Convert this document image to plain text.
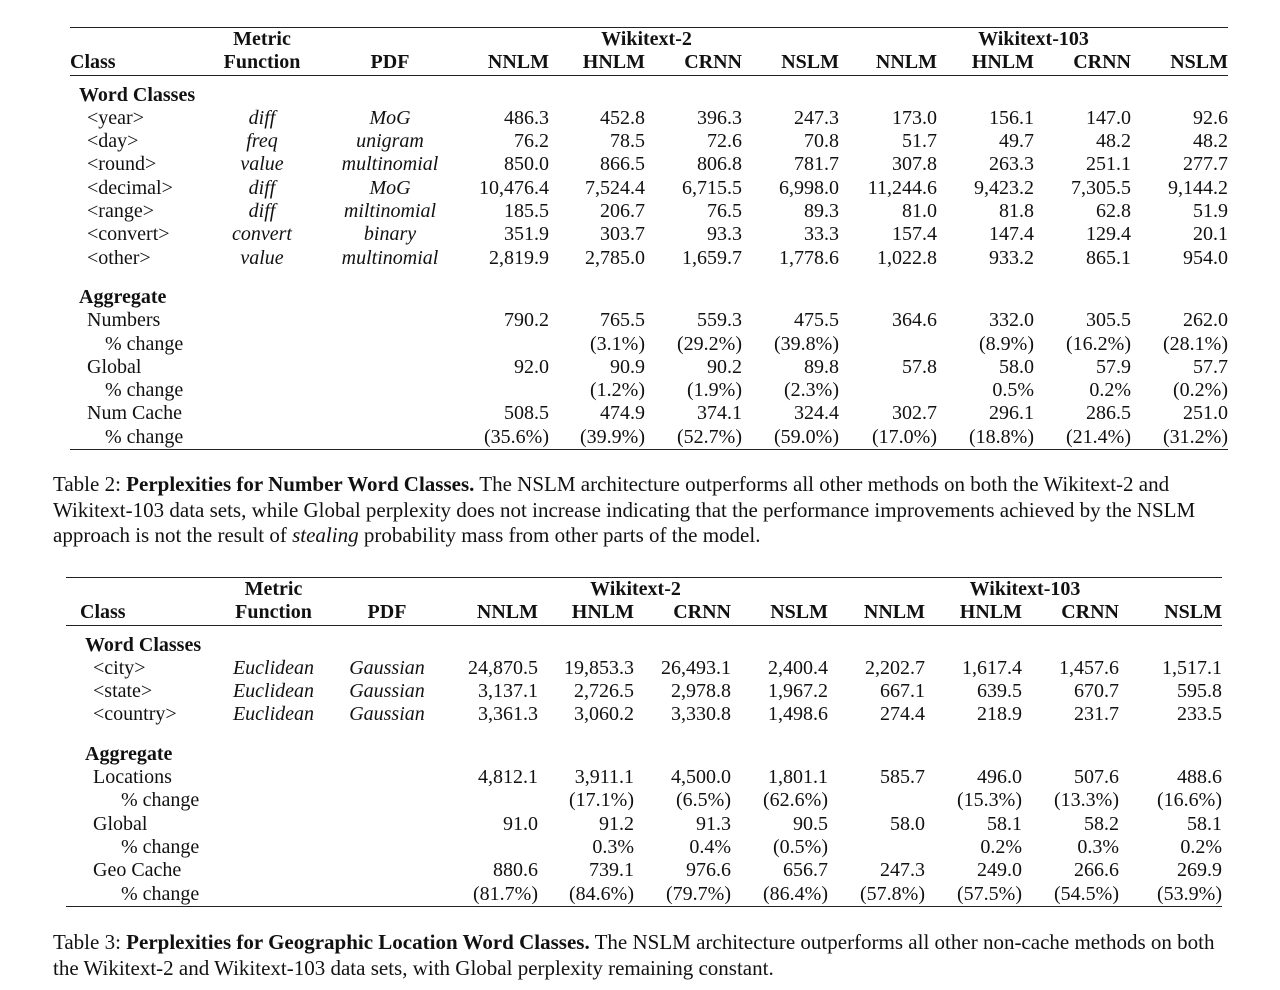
	Metric		Wikitext-2				Wikitext-103			
Class	Function	PDF	NNLM	HNLM	CRNN	NSLM	NNLM	HNLM	CRNN	NSLM

Word Classes										
<year>	diff	MoG	486.3	452.8	396.3	247.3	173.0	156.1	147.0	92.6
<day>	freq	unigram	76.2	78.5	72.6	70.8	51.7	49.7	48.2	48.2
<round>	value	multinomial	850.0	866.5	806.8	781.7	307.8	263.3	251.1	277.7
<decimal>	diff	MoG	10,476.4	7,524.4	6,715.5	6,998.0	11,244.6	9,423.2	7,305.5	9,144.2
<range>	diff	miltinomial	185.5	206.7	76.5	89.3	81.0	81.8	62.8	51.9
<convert>	convert	binary	351.9	303.7	93.3	33.3	157.4	147.4	129.4	20.1
<other>	value	multinomial	2,819.9	2,785.0	1,659.7	1,778.6	1,022.8	933.2	865.1	954.0

Aggregate										
Numbers			790.2	765.5	559.3	475.5	364.6	332.0	305.5	262.0
% change				(3.1%)	(29.2%)	(39.8%)		(8.9%)	(16.2%)	(28.1%)
Global			92.0	90.9	90.2	89.8	57.8	58.0	57.9	57.7
% change				(1.2%)	(1.9%)	(2.3%)		0.5%	0.2%	(0.2%)
Num Cache			508.5	474.9	374.1	324.4	302.7	296.1	286.5	251.0
% change			(35.6%)	(39.9%)	(52.7%)	(59.0%)	(17.0%)	(18.8%)	(21.4%)	(31.2%)
Table 2: Perplexities for Number Word Classes. The NSLM architecture outperforms all other methods on both the Wikitext-2 and Wikitext-103 data sets, while Global perplexity does not increase indicating that the performance improvements achieved by the NSLM approach is not the result of stealing probability mass from other parts of the model.
	Metric		Wikitext-2				Wikitext-103			
Class	Function	PDF	NNLM	HNLM	CRNN	NSLM	NNLM	HNLM	CRNN	NSLM

Word Classes										
<city>	Euclidean	Gaussian	24,870.5	19,853.3	26,493.1	2,400.4	2,202.7	1,617.4	1,457.6	1,517.1
<state>	Euclidean	Gaussian	3,137.1	2,726.5	2,978.8	1,967.2	667.1	639.5	670.7	595.8
<country>	Euclidean	Gaussian	3,361.3	3,060.2	3,330.8	1,498.6	274.4	218.9	231.7	233.5

Aggregate										
Locations			4,812.1	3,911.1	4,500.0	1,801.1	585.7	496.0	507.6	488.6
% change				(17.1%)	(6.5%)	(62.6%)		(15.3%)	(13.3%)	(16.6%)
Global			91.0	91.2	91.3	90.5	58.0	58.1	58.2	58.1
% change				0.3%	0.4%	(0.5%)		0.2%	0.3%	0.2%
Geo Cache			880.6	739.1	976.6	656.7	247.3	249.0	266.6	269.9
% change			(81.7%)	(84.6%)	(79.7%)	(86.4%)	(57.8%)	(57.5%)	(54.5%)	(53.9%)
Table 3: Perplexities for Geographic Location Word Classes. The NSLM architecture outperforms all other non-cache methods on both the Wikitext-2 and Wikitext-103 data sets, with Global perplexity remaining constant.
